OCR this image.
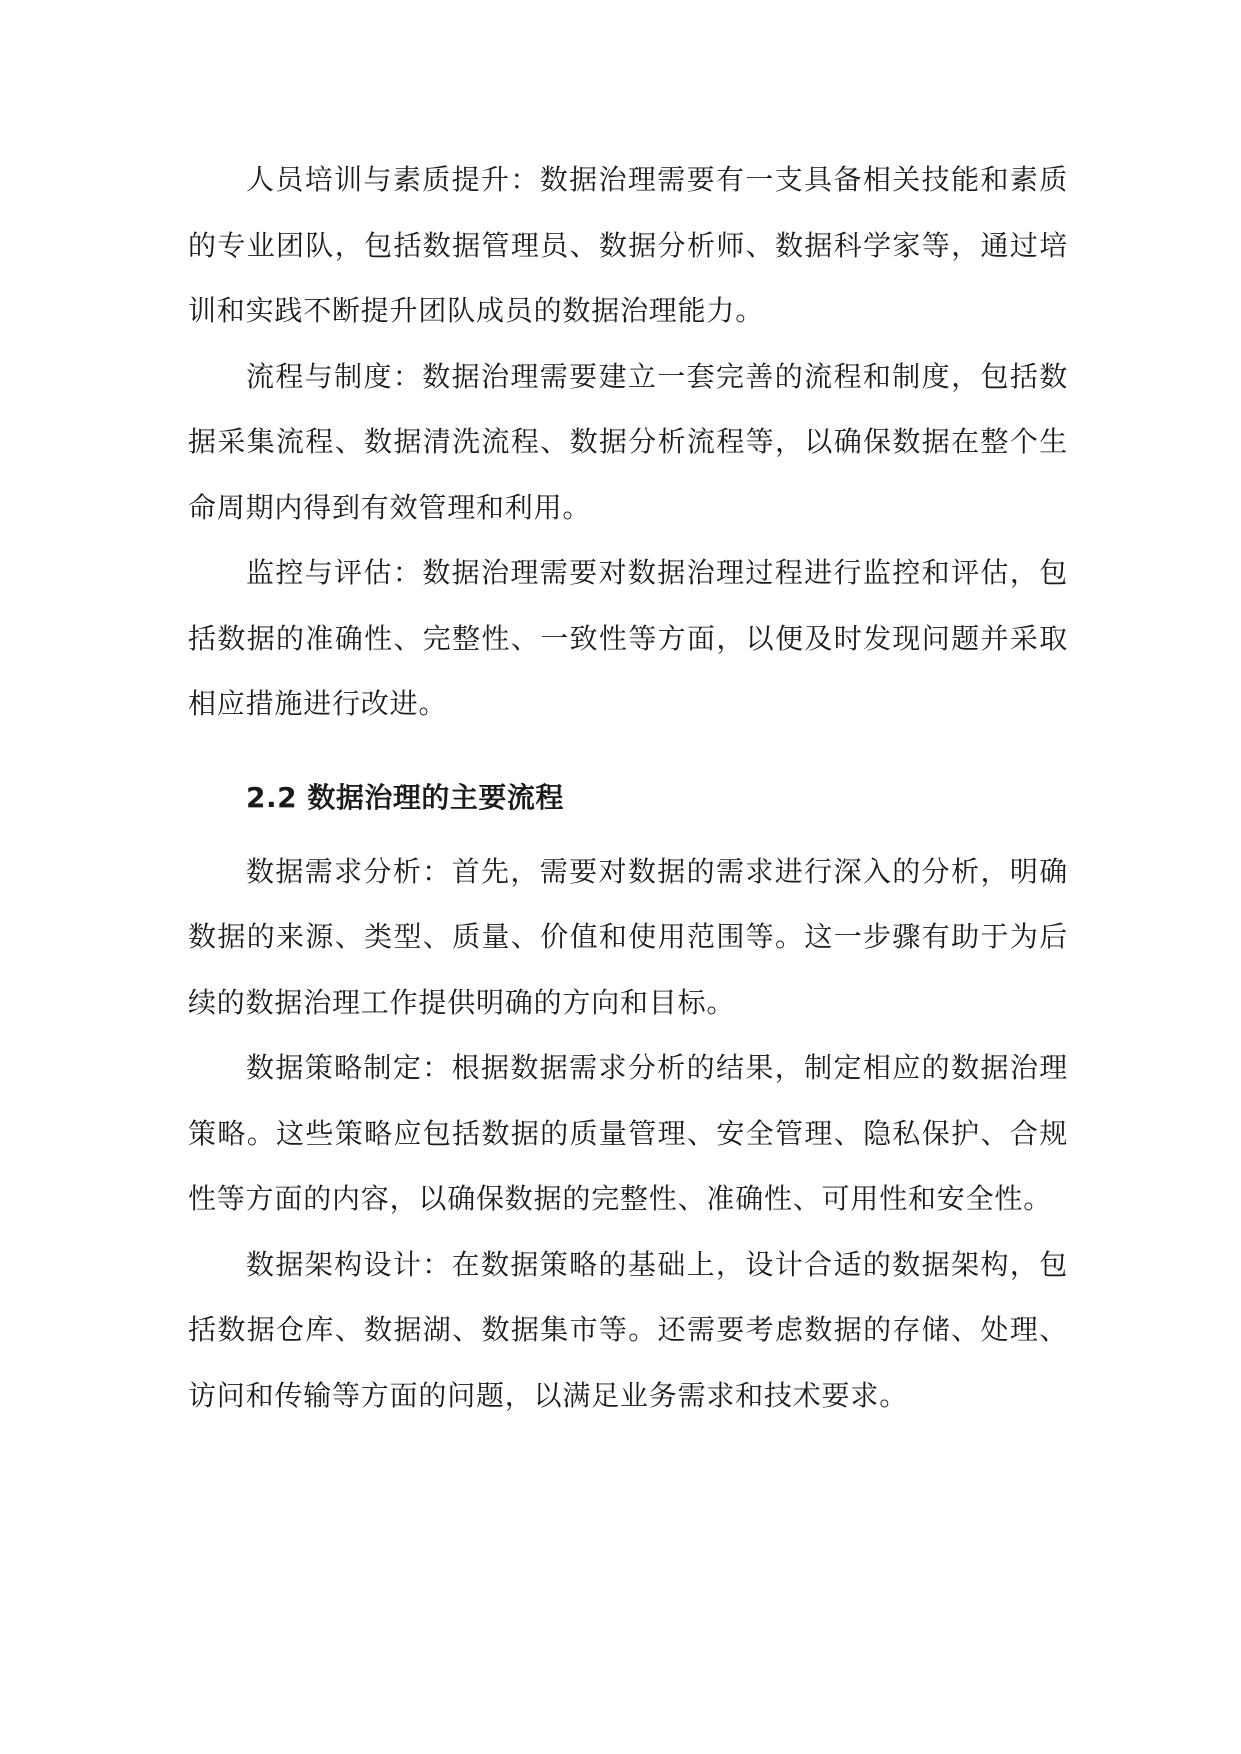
人员培训与素质提升：数据治理需要有一支具备相关技能和素质的专业团队，包括数据管理员、数据分析师、数据科学家等，通过培训和实践不断提升团队成员的数据治理能力。

流程与制度：数据治理需要建立一套完善的流程和制度，包括数据采集流程、数据清洗流程、数据分析流程等，以确保数据在整个生命周期内得到有效管理和利用。

监控与评估：数据治理需要对数据治理过程进行监控和评估，包括数据的准确性、完整性、一致性等方面，以便及时发现问题并采取相应措施进行改进。

2.2 数据治理的主要流程

数据需求分析：首先，需要对数据的需求进行深入的分析，明确数据的来源、类型、质量、价值和使用范围等。这一步骤有助于为后续的数据治理工作提供明确的方向和目标。

数据策略制定：根据数据需求分析的结果，制定相应的数据治理策略。这些策略应包括数据的质量管理、安全管理、隐私保护、合规性等方面的内容，以确保数据的完整性、准确性、可用性和安全性。

数据架构设计：在数据策略的基础上，设计合适的数据架构，包括数据仓库、数据湖、数据集市等。还需要考虑数据的存储、处理、访问和传输等方面的问题，以满足业务需求和技术要求。
